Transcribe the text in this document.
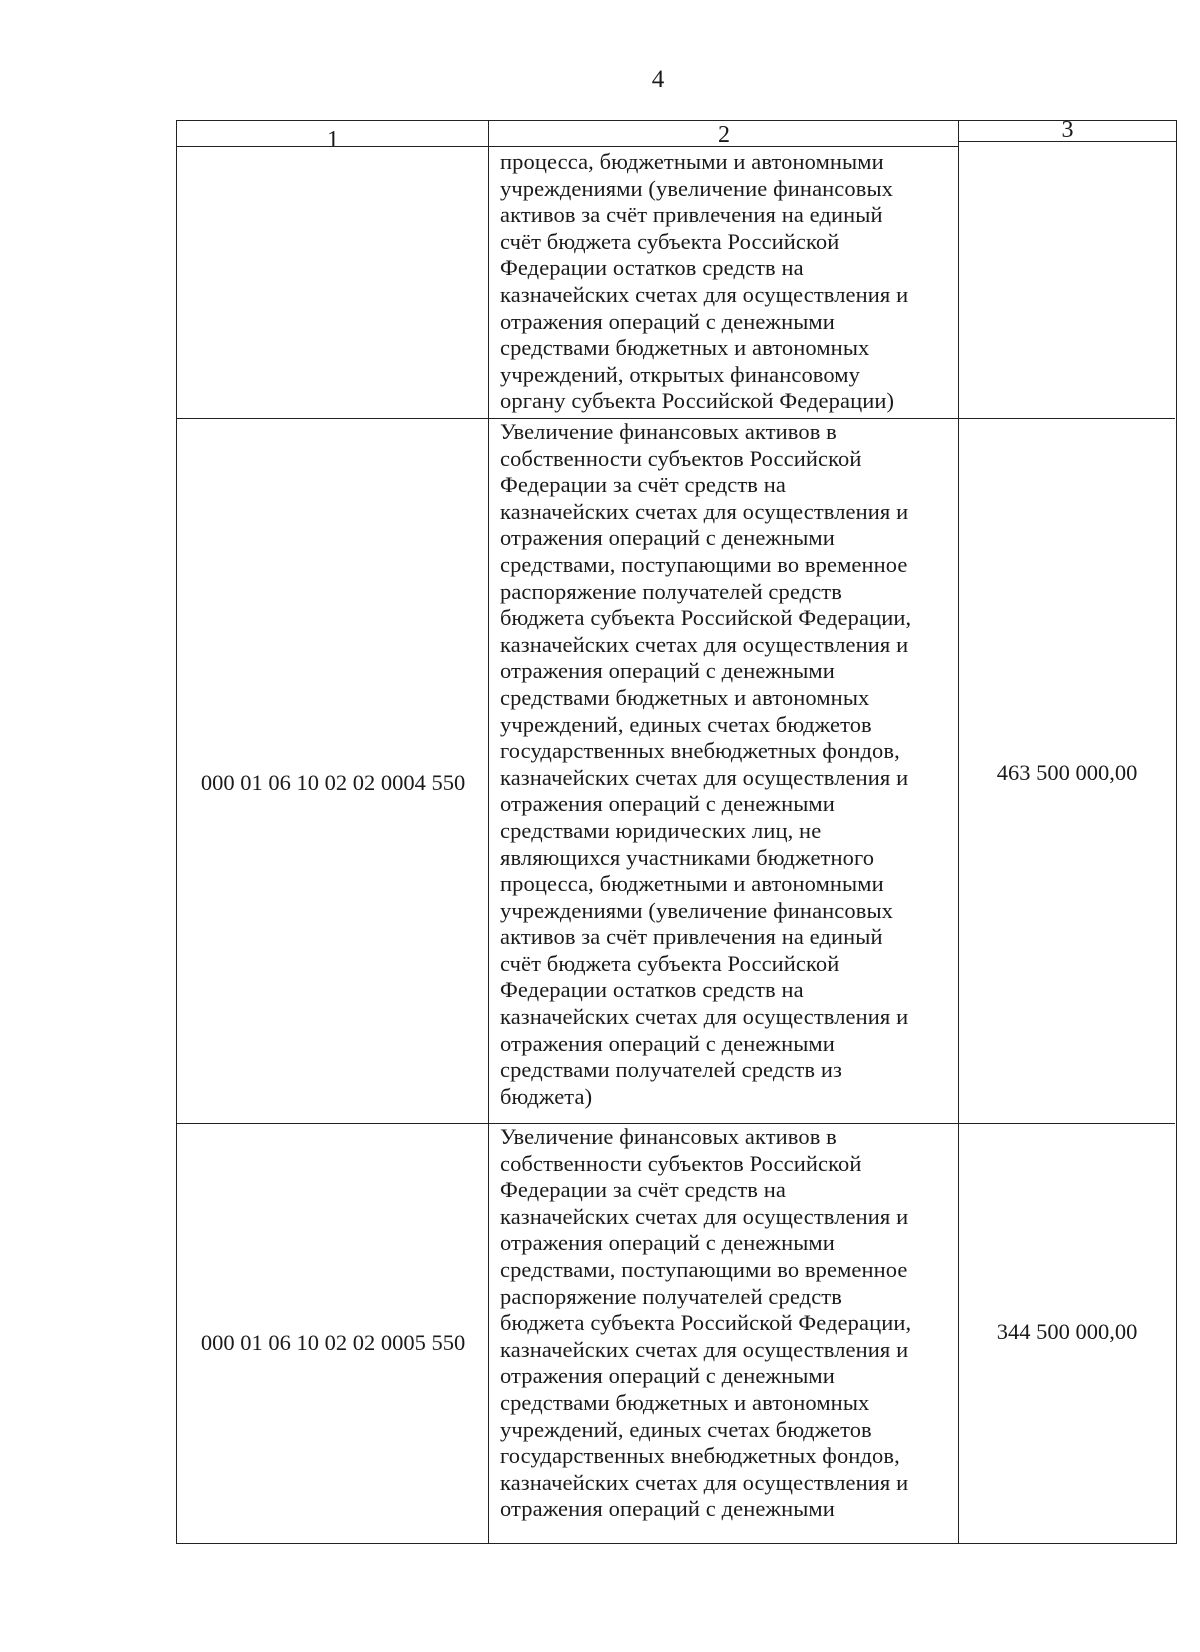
4
1	2	3
процесса, бюджетными и автономными
учреждениями (увеличение финансовых
активов за счёт привлечения на единый
счёт бюджета субъекта Российской
Федерации остатков средств на
казначейских счетах для осуществления и
отражения операций с денежными
средствами бюджетных и автономных
учреждений, открытых финансовому
органу субъекта Российской Федерации)
000 01 06 10 02 02 0004 550
Увеличение финансовых активов в
собственности субъектов Российской
Федерации за счёт средств на
казначейских счетах для осуществления и
отражения операций с денежными
средствами, поступающими во временное
распоряжение получателей средств
бюджета субъекта Российской Федерации,
казначейских счетах для осуществления и
отражения операций с денежными
средствами бюджетных и автономных
учреждений, единых счетах бюджетов
государственных внебюджетных фондов,
казначейских счетах для осуществления и
отражения операций с денежными
средствами юридических лиц, не
являющихся участниками бюджетного
процесса, бюджетными и автономными
учреждениями (увеличение финансовых
активов за счёт привлечения на единый
счёт бюджета субъекта Российской
Федерации остатков средств на
казначейских счетах для осуществления и
отражения операций с денежными
средствами получателей средств из
бюджета)
463 500 000,00
000 01 06 10 02 02 0005 550
Увеличение финансовых активов в
собственности субъектов Российской
Федерации за счёт средств на
казначейских счетах для осуществления и
отражения операций с денежными
средствами, поступающими во временное
распоряжение получателей средств
бюджета субъекта Российской Федерации,
казначейских счетах для осуществления и
отражения операций с денежными
средствами бюджетных и автономных
учреждений, единых счетах бюджетов
государственных внебюджетных фондов,
казначейских счетах для осуществления и
отражения операций с денежными
344 500 000,00
